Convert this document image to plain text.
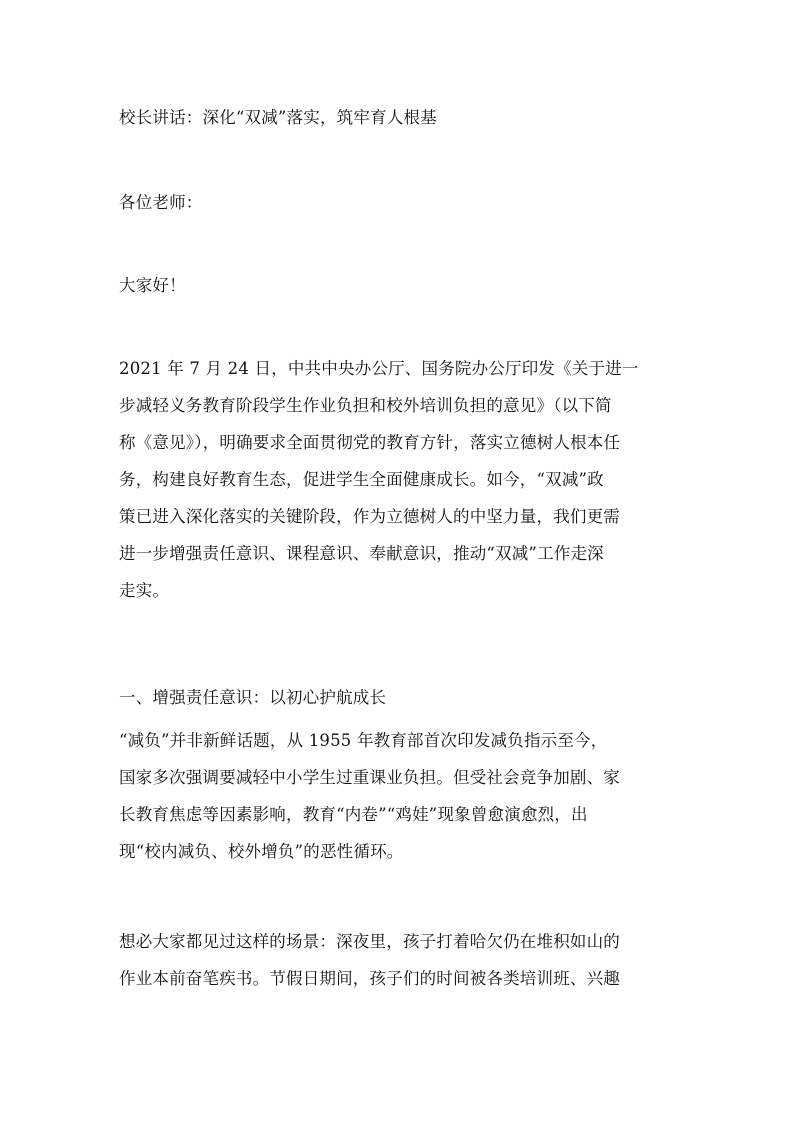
校长讲话：深化“双减”落实，筑牢育人根基
各位老师：
大家好！
2021 年 7 月 24 日，中共中央办公厅、国务院办公厅印发《关于进一
步减轻义务教育阶段学生作业负担和校外培训负担的意见》（以下简
称《意见》），明确要求全面贯彻党的教育方针，落实立德树人根本任
务，构建良好教育生态，促进学生全面健康成长。如今，“双减”政
策已进入深化落实的关键阶段，作为立德树人的中坚力量，我们更需
进一步增强责任意识、课程意识、奉献意识，推动“双减”工作走深
走实。
一、增强责任意识：以初心护航成长
“减负”并非新鲜话题，从 1955 年教育部首次印发减负指示至今，
国家多次强调要减轻中小学生过重课业负担。但受社会竞争加剧、家
长教育焦虑等因素影响，教育“内卷”“鸡娃”现象曾愈演愈烈，出
现“校内减负、校外增负”的恶性循环。
想必大家都见过这样的场景：深夜里，孩子打着哈欠仍在堆积如山的
作业本前奋笔疾书。节假日期间，孩子们的时间被各类培训班、兴趣
